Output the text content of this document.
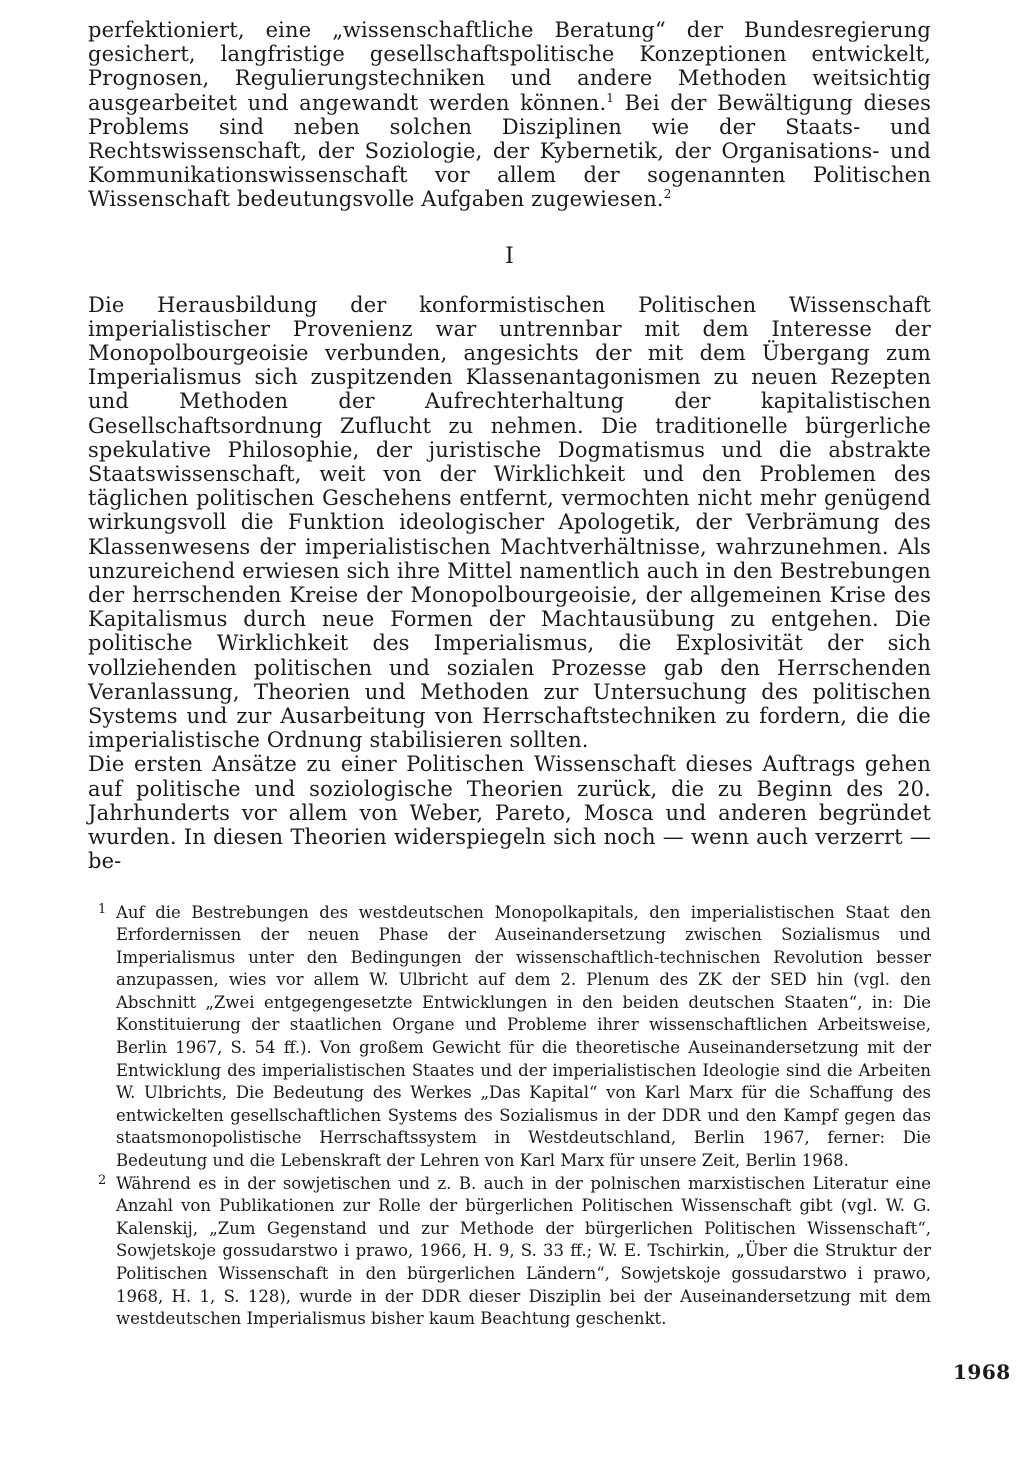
perfektioniert, eine „wissenschaftliche Beratung“ der Bundesregierung gesichert, langfristige gesellschaftspolitische Konzeptionen entwickelt, Prognosen, Regulierungstechniken und andere Methoden weitsichtig ausgearbeitet und angewandt werden können.$^1$ Bei der Bewältigung dieses Problems sind neben solchen Disziplinen wie der Staats- und Rechtswissenschaft, der Soziologie, der Kybernetik, der Organisations- und Kommunikationswissenschaft vor allem der sogenannten Politischen Wissenschaft bedeutungsvolle Aufgaben zugewiesen.$^2$

I

Die Herausbildung der konformistischen Politischen Wissenschaft imperialistischer Provenienz war untrennbar mit dem Interesse der Monopolbourgeoisie verbunden, angesichts der mit dem Übergang zum Imperialismus sich zuspitzenden Klassenantagonismen zu neuen Rezepten und Methoden der Aufrechterhaltung der kapitalistischen Gesellschaftsordnung Zuflucht zu nehmen. Die traditionelle bürgerliche spekulative Philosophie, der juristische Dogmatismus und die abstrakte Staatswissenschaft, weit von der Wirklichkeit und den Problemen des täglichen politischen Geschehens entfernt, vermochten nicht mehr genügend wirkungsvoll die Funktion ideologischer Apologetik, der Verbrämung des Klassenwesens der imperialistischen Machtverhältnisse, wahrzunehmen. Als unzureichend erwiesen sich ihre Mittel namentlich auch in den Bestrebungen der herrschenden Kreise der Monopolbourgeoisie, der allgemeinen Krise des Kapitalismus durch neue Formen der Machtausübung zu entgehen. Die politische Wirklichkeit des Imperialismus, die Explosivität der sich vollziehenden politischen und sozialen Prozesse gab den Herrschenden Veranlassung, Theorien und Methoden zur Untersuchung des politischen Systems und zur Ausarbeitung von Herrschaftstechniken zu fordern, die die imperialistische Ordnung stabilisieren sollten.

Die ersten Ansätze zu einer Politischen Wissenschaft dieses Auftrags gehen auf politische und soziologische Theorien zurück, die zu Beginn des 20. Jahrhunderts vor allem von Weber, Pareto, Mosca und anderen begründet wurden. In diesen Theorien widerspiegeln sich noch — wenn auch verzerrt — be-

1 Auf die Bestrebungen des westdeutschen Monopolkapitals, den imperialistischen Staat den Erfordernissen der neuen Phase der Auseinandersetzung zwischen Sozialismus und Imperialismus unter den Bedingungen der wissenschaftlich-technischen Revolution besser anzupassen, wies vor allem W. Ulbricht auf dem 2. Plenum des ZK der SED hin (vgl. den Abschnitt „Zwei entgegengesetzte Entwicklungen in den beiden deutschen Staaten“, in: Die Konstituierung der staatlichen Organe und Probleme ihrer wissenschaftlichen Arbeitsweise, Berlin 1967, S. 54 ff.). Von großem Gewicht für die theoretische Auseinandersetzung mit der Entwicklung des imperialistischen Staates und der imperialistischen Ideologie sind die Arbeiten W. Ulbrichts, Die Bedeutung des Werkes „Das Kapital“ von Karl Marx für die Schaffung des entwickelten gesellschaftlichen Systems des Sozialismus in der DDR und den Kampf gegen das staatsmonopolistische Herrschaftssystem in Westdeutschland, Berlin 1967, ferner: Die Bedeutung und die Lebenskraft der Lehren von Karl Marx für unsere Zeit, Berlin 1968.
2 Während es in der sowjetischen und z. B. auch in der polnischen marxistischen Literatur eine Anzahl von Publikationen zur Rolle der bürgerlichen Politischen Wissenschaft gibt (vgl. W. G. Kalenskij, „Zum Gegenstand und zur Methode der bürgerlichen Politischen Wissenschaft“, Sowjetskoje gossudarstwo i prawo, 1966, H. 9, S. 33 ff.; W. E. Tschirkin, „Über die Struktur der Politischen Wissenschaft in den bürgerlichen Ländern“, Sowjetskoje gossudarstwo i prawo, 1968, H. 1, S. 128), wurde in der DDR dieser Disziplin bei der Auseinandersetzung mit dem westdeutschen Imperialismus bisher kaum Beachtung geschenkt.
1968
